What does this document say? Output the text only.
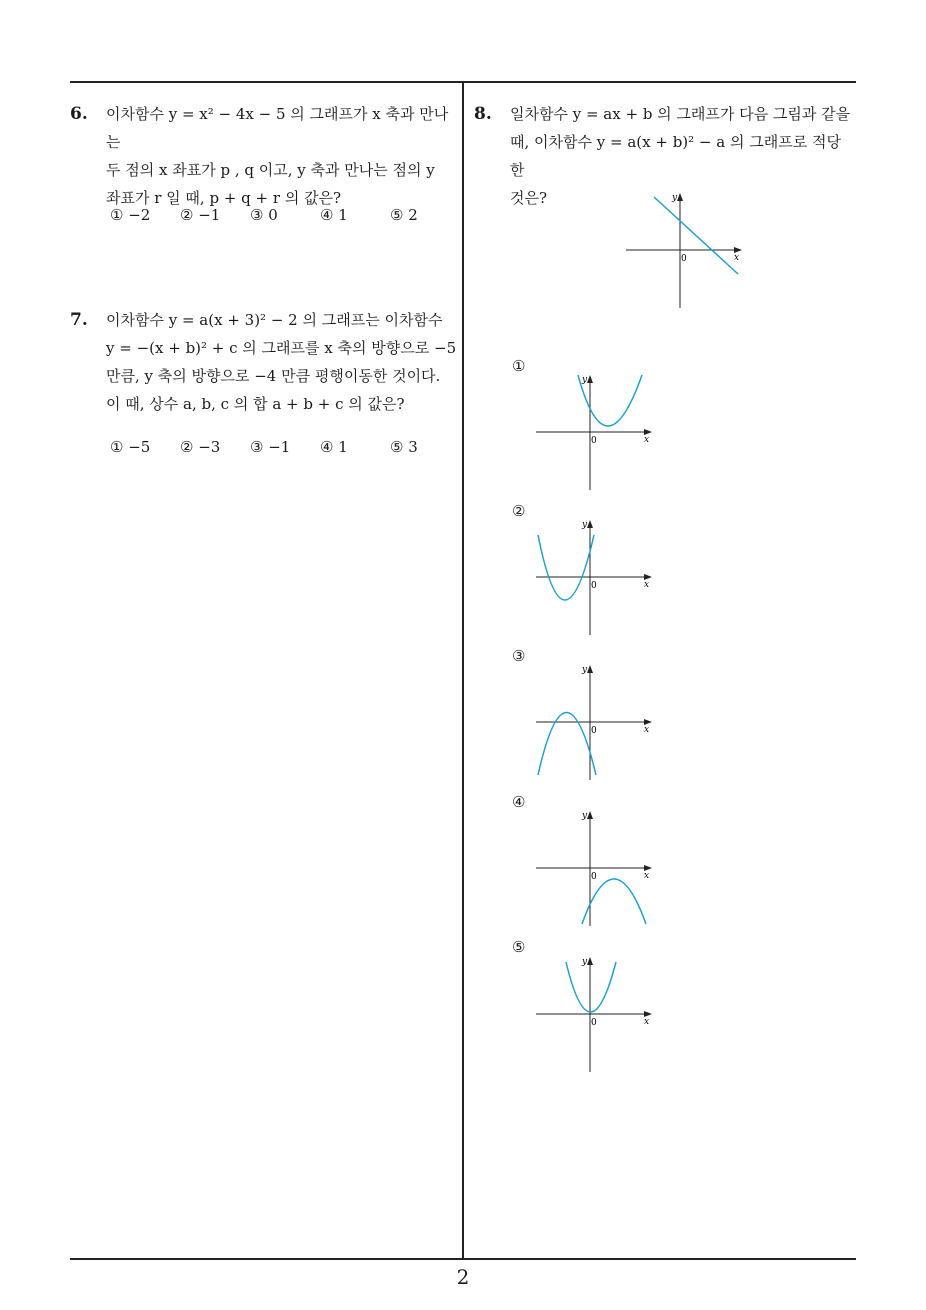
6. 이차함수 y = x² − 4x − 5 의 그래프가 x 축과 만나는
두 점의 x 좌표가 p , q 이고, y 축과 만나는 점의 y
좌표가 r 일 때, p + q + r 의 값은?
① −2 ② −1 ③ 0	④ 1	⑤ 2
7. 이차함수 y = a(x + 3)² − 2 의 그래프는 이차함수
y = −(x + b)² + c 의 그래프를 x 축의 방향으로 −5
만큼, y 축의 방향으로 −4 만큼 평행이동한 것이다.
이 때, 상수 a, b, c 의 합 a + b + c 의 값은?
① −5 ② −3 ③ −1 ④ 1	⑤ 3
8. 일차함수 y = ax + b 의 그래프가 다음 그림과 같을
때, 이차함수 y = a(x + b)² − a 의 그래프로 적당한
것은?	y
x
0
①
y
x
0
②
y
x
0
③
y
x
0
④
y
x
0
⑤
y
x
0
2
